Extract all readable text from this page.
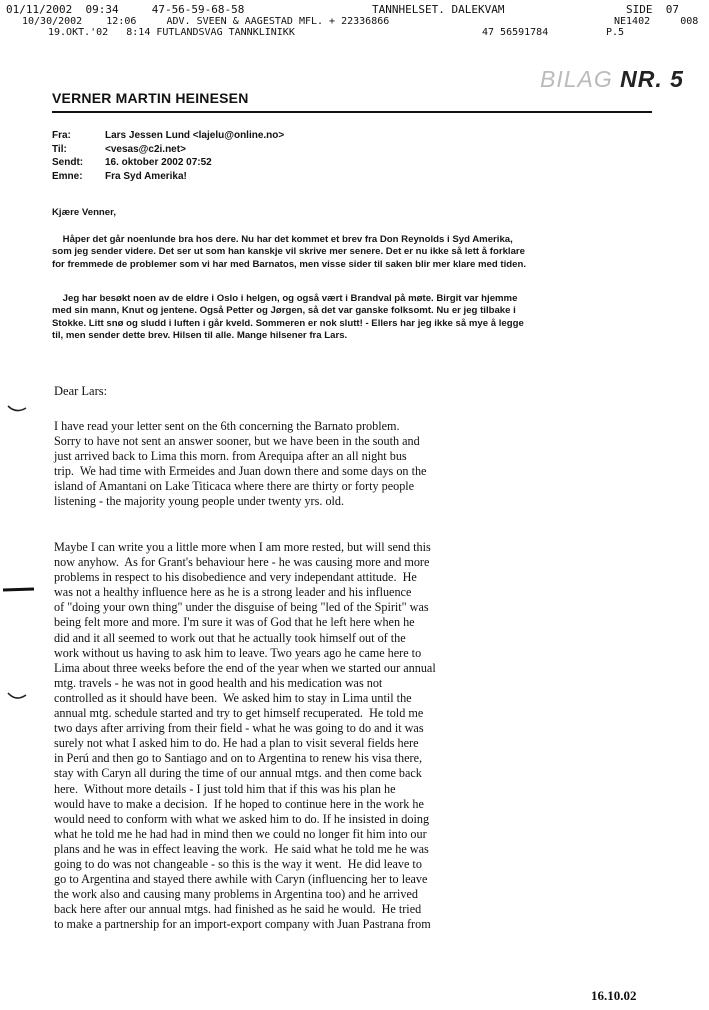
01/11/2002  09:34     47-56-59-68-58

	TANNHELSET. DALEKVAM

	SIDE  07

10/30/2002    12:06     ADV. SVEEN & AAGESTAD MFL. + 22336866

	NE1402     008

19.OKT.'02   8:14 FUTLANDSVAG TANNKLINIKK

	47 56591784

	P.5

BILAG NR. 5
VERNER MARTIN HEINESEN
Fra:	Lars Jessen Lund <lajelu@online.no>
Til:	<vesas@c2i.net>
Sendt:	16. oktober 2002 07:52
Emne:	Fra Syd Amerika!
Kjære Venner,
Håper det går noenlunde bra hos dere. Nu har det kommet et brev fra Don Reynolds i Syd Amerika,
som jeg sender videre. Det ser ut som han kanskje vil skrive mer senere. Det er nu ikke så lett å forklare
for fremmede de problemer som vi har med Barnatos, men visse sider til saken blir mer klare med tiden.
Jeg har besøkt noen av de eldre i Oslo i helgen, og også vært i Brandval på møte. Birgit var hjemme
med sin mann, Knut og jentene. Også Petter og Jørgen, så det var ganske folksomt. Nu er jeg tilbake i
Stokke. Litt snø og sludd i luften i går kveld. Sommeren er nok slutt! - Ellers har jeg ikke så mye å legge
til, men sender dette brev. Hilsen til alle. Mange hilsener fra Lars.
Dear Lars:
I have read your letter sent on the 6th concerning the Barnato problem.
Sorry to have not sent an answer sooner, but we have been in the south and
just arrived back to Lima this morn. from Arequipa after an all night bus
trip.  We had time with Ermeides and Juan down there and some days on the
island of Amantani on Lake Titicaca where there are thirty or forty people
listening - the majority young people under twenty yrs. old.
Maybe I can write you a little more when I am more rested, but will send this
now anyhow.  As for Grant's behaviour here - he was causing more and more
problems in respect to his disobedience and very independant attitude.  He
was not a healthy influence here as he is a strong leader and his influence
of "doing your own thing" under the disguise of being "led of the Spirit" was
being felt more and more. I'm sure it was of God that he left here when he
did and it all seemed to work out that he actually took himself out of the
work without us having to ask him to leave. Two years ago he came here to
Lima about three weeks before the end of the year when we started our annual
mtg. travels - he was not in good health and his medication was not
controlled as it should have been.  We asked him to stay in Lima until the
annual mtg. schedule started and try to get himself recuperated.  He told me
two days after arriving from their field - what he was going to do and it was
surely not what I asked him to do. He had a plan to visit several fields here
in Perú and then go to Santiago and on to Argentina to renew his visa there,
stay with Caryn all during the time of our annual mtgs. and then come back
here.  Without more details - I just told him that if this was his plan he
would have to make a decision.  If he hoped to continue here in the work he
would need to conform with what we asked him to do. If he insisted in doing
what he told me he had had in mind then we could no longer fit him into our
plans and he was in effect leaving the work.  He said what he told me he was
going to do was not changeable - so this is the way it went.  He did leave to
go to Argentina and stayed there awhile with Caryn (influencing her to leave
the work also and causing many problems in Argentina too) and he arrived
back here after our annual mtgs. had finished as he said he would.  He tried
to make a partnership for an import-export company with Juan Pastrana from
16.10.02
